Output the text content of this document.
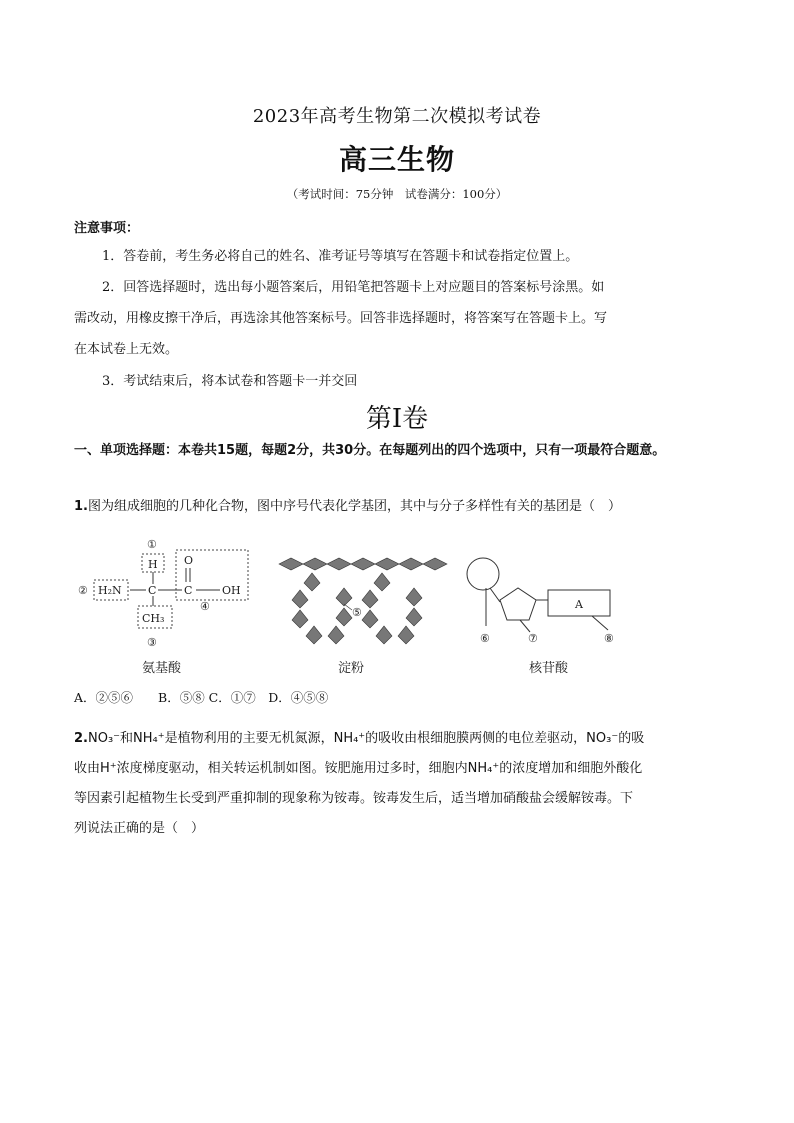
2023年高考生物第二次模拟考试卷
高三生物
（考试时间：75分钟　试卷满分：100分）
注意事项：
1．答卷前，考生务必将自己的姓名、准考证号等填写在答题卡和试卷指定位置上。
2．回答选择题时，选出每小题答案后，用铅笔把答题卡上对应题目的答案标号涂黑。如
需改动，用橡皮擦干净后，再选涂其他答案标号。回答非选择题时，将答案写在答题卡上。写
在本试卷上无效。
3．考试结束后，将本试卷和答题卡一并交回
第Ⅰ卷
一、单项选择题：本卷共15题，每题2分，共30分。在每题列出的四个选项中，只有一项最符合题意。
1.图为组成细胞的几种化合物，图中序号代表化学基团，其中与分子多样性有关的基团是（　）
①
H
② H₂N C
O
C	OH
④
CH₃
③
氨基酸
⑤
淀粉
A
⑥	⑦	⑧
核苷酸
A．②⑤⑥　　B．⑤⑧ C．①⑦　D．④⑤⑧
2.NO₃⁻和NH₄⁺是植物利用的主要无机氮源，NH₄⁺的吸收由根细胞膜两侧的电位差驱动，NO₃⁻的吸
收由H⁺浓度梯度驱动，相关转运机制如图。铵肥施用过多时，细胞内NH₄⁺的浓度增加和细胞外酸化
等因素引起植物生长受到严重抑制的现象称为铵毒。铵毒发生后，适当增加硝酸盐会缓解铵毒。下
列说法正确的是（　）
